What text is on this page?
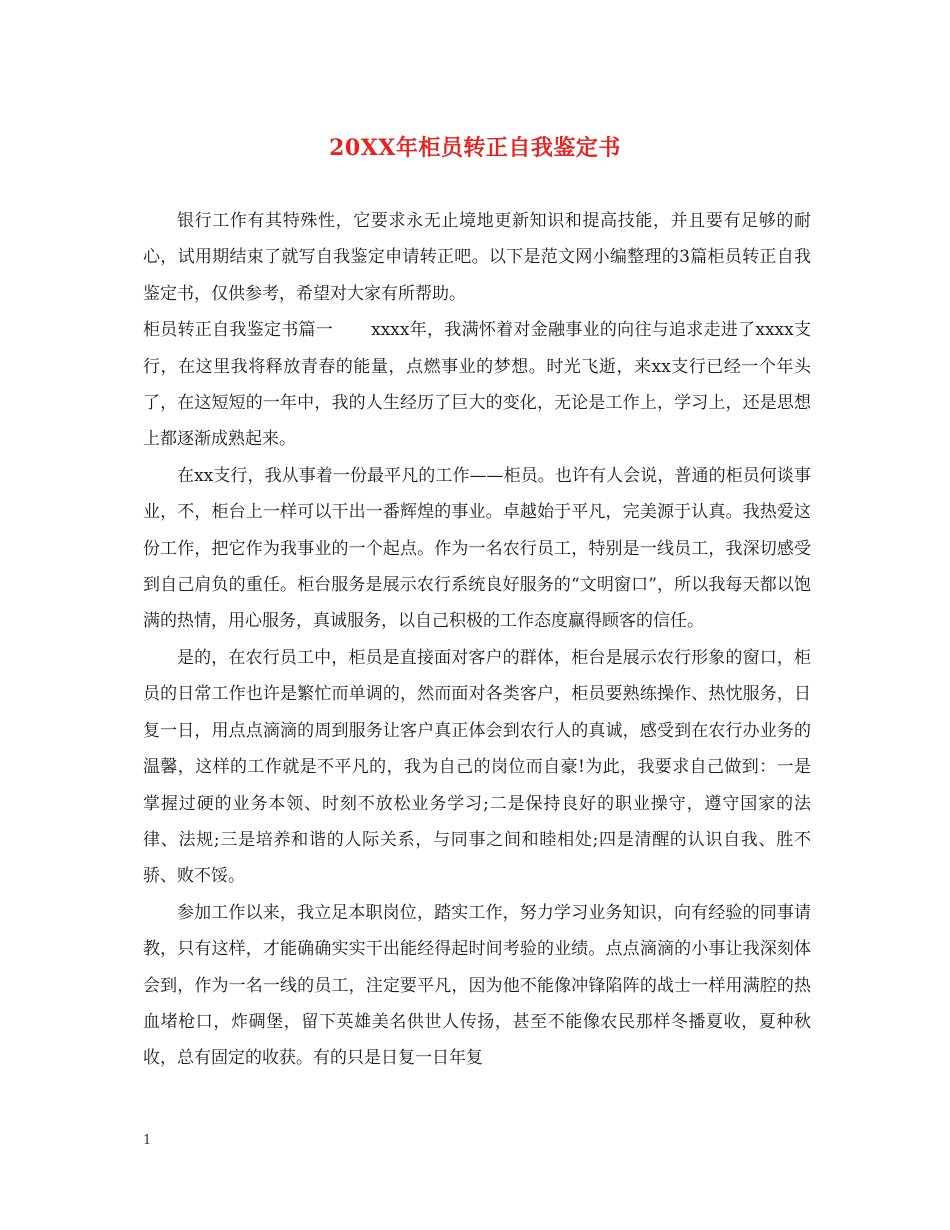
20XX年柜员转正自我鉴定书

银行工作有其特殊性，它要求永无止境地更新知识和提高技能，并且要有足够的耐心，试用期结束了就写自我鉴定申请转正吧。以下是范文网小编整理的3篇柜员转正自我鉴定书，仅供参考，希望对大家有所帮助。

柜员转正自我鉴定书篇一 xxxx年，我满怀着对金融事业的向往与追求走进了xxxx支行，在这里我将释放青春的能量，点燃事业的梦想。时光飞逝，来xx支行已经一个年头了，在这短短的一年中，我的人生经历了巨大的变化，无论是工作上，学习上，还是思想上都逐渐成熟起来。

在xx支行，我从事着一份最平凡的工作——柜员。也许有人会说，普通的柜员何谈事业，不，柜台上一样可以干出一番辉煌的事业。卓越始于平凡，完美源于认真。我热爱这份工作，把它作为我事业的一个起点。作为一名农行员工，特别是一线员工，我深切感受到自己肩负的重任。柜台服务是展示农行系统良好服务的“文明窗口”，所以我每天都以饱满的热情，用心服务，真诚服务，以自己积极的工作态度赢得顾客的信任。

是的，在农行员工中，柜员是直接面对客户的群体，柜台是展示农行形象的窗口，柜员的日常工作也许是繁忙而单调的，然而面对各类客户，柜员要熟练操作、热忱服务，日复一日，用点点滴滴的周到服务让客户真正体会到农行人的真诚，感受到在农行办业务的温馨，这样的工作就是不平凡的，我为自己的岗位而自豪!为此，我要求自己做到：一是掌握过硬的业务本领、时刻不放松业务学习;二是保持良好的职业操守，遵守国家的法律、法规;三是培养和谐的人际关系，与同事之间和睦相处;四是清醒的认识自我、胜不骄、败不馁。

参加工作以来，我立足本职岗位，踏实工作，努力学习业务知识，向有经验的同事请教，只有这样，才能确确实实干出能经得起时间考验的业绩。点点滴滴的小事让我深刻体会到，作为一名一线的员工，注定要平凡，因为他不能像冲锋陷阵的战士一样用满腔的热血堵枪口，炸碉堡，留下英雄美名供世人传扬，甚至不能像农民那样冬播夏收，夏种秋收，总有固定的收获。有的只是日复一日年复

1
